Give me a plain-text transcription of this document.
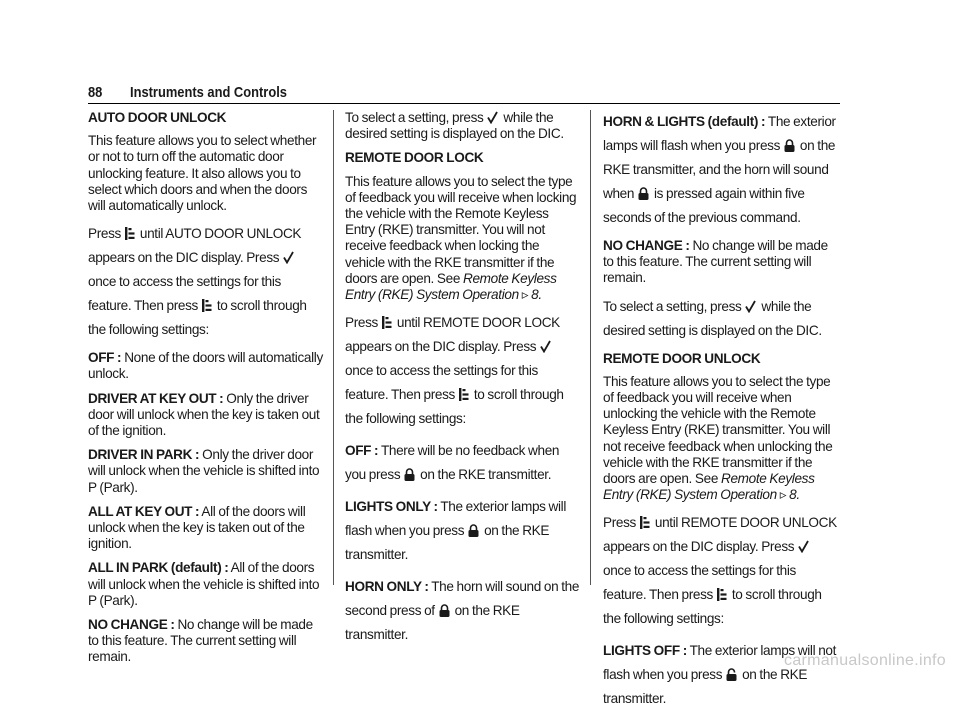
88 Instruments and Controls

AUTO DOOR UNLOCK

This feature allows you to select whether or not to turn off the automatic door unlocking feature. It also allows you to select which doors and when the doors will automatically unlock.

Press until AUTO DOOR UNLOCK appears on the DIC display. Press
once to access the settings for this feature. Then press to scroll through the following settings:

OFF : None of the doors will automatically unlock.

DRIVER AT KEY OUT : Only the driver door will unlock when the key is taken out of the ignition.

DRIVER IN PARK : Only the driver door will unlock when the vehicle is shifted into P (Park).

ALL AT KEY OUT : All of the doors will unlock when the key is taken out of the ignition.

ALL IN PARK (default) : All of the doors will unlock when the vehicle is shifted into P (Park).

NO CHANGE : No change will be made to this feature. The current setting will remain.

To select a setting, press while the desired setting is displayed on the DIC.

REMOTE DOOR LOCK

This feature allows you to select the type of feedback you will receive when locking the vehicle with the Remote Keyless Entry (RKE) transmitter. You will not receive feedback when locking the vehicle with the RKE transmitter if the doors are open. See Remote Keyless Entry (RKE) System Operation ▹ 8.

Press until REMOTE DOOR LOCK appears on the DIC display. Press
once to access the settings for this feature. Then press to scroll through the following settings:

OFF : There will be no feedback when you press on the RKE transmitter.

LIGHTS ONLY : The exterior lamps will flash when you press on the RKE transmitter.

HORN ONLY : The horn will sound on the second press of on the RKE transmitter.

HORN & LIGHTS (default) : The exterior lamps will flash when you press on the RKE transmitter, and the horn will sound when is pressed again within five seconds of the previous command.

NO CHANGE : No change will be made to this feature. The current setting will remain.

To select a setting, press while the desired setting is displayed on the DIC.

REMOTE DOOR UNLOCK

This feature allows you to select the type of feedback you will receive when unlocking the vehicle with the Remote Keyless Entry (RKE) transmitter. You will not receive feedback when unlocking the vehicle with the RKE transmitter if the doors are open. See Remote Keyless Entry (RKE) System Operation ▹ 8.

Press until REMOTE DOOR UNLOCK appears on the DIC display. Press
once to access the settings for this feature. Then press to scroll through the following settings:

LIGHTS OFF : The exterior lamps will not flash when you press on the RKE transmitter.

carmanualsonline.info
